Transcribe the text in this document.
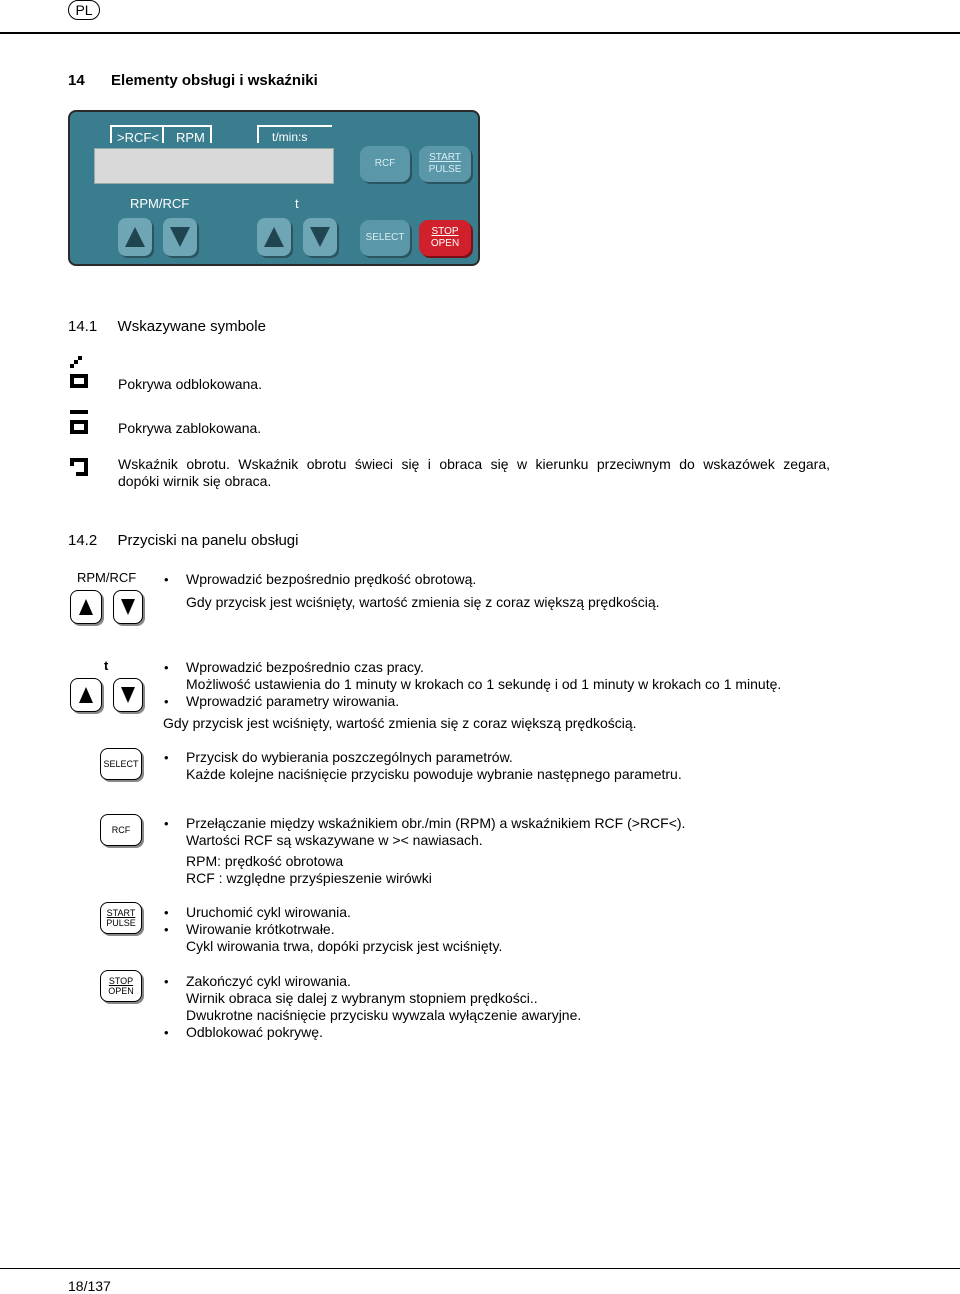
PL
14 Elementy obsługi i wskaźniki
>RCF< RPM	t/min:s
RPM/RCF	t
RCF
START
PULSE
SELECT
STOP
OPEN
14.1 Wskazywane symbole
Pokrywa odblokowana.
Pokrywa zablokowana.
Wskaźnik obrotu. Wskaźnik obrotu świeci się i obraca się w kierunku przeciwnym do wskazówek zegara,
dopóki wirnik się obraca.
14.2 Przyciski na panelu obsługi
RPM/RCF • Wprowadzić bezpośrednio prędkość obrotową.
Gdy przycisk jest wciśnięty, wartość zmienia się z coraz większą prędkością.
t	• Wprowadzić bezpośrednio czas pracy.
Możliwość ustawienia do 1 minuty w krokach co 1 sekundę i od 1 minuty w krokach co 1 minutę.
• Wprowadzić parametry wirowania.
Gdy przycisk jest wciśnięty, wartość zmienia się z coraz większą prędkością.
SELECT • Przycisk do wybierania poszczególnych parametrów.
Każde kolejne naciśnięcie przycisku powoduje wybranie następnego parametru.
RCF	• Przełączanie między wskaźnikiem obr./min (RPM) a wskaźnikiem RCF (>RCF<).
Wartości RCF są wskazywane w >< nawiasach.
RPM: prędkość obrotowa
RCF : względne przyśpieszenie wirówki
START
PULSE
• Uruchomić cykl wirowania.
• Wirowanie krótkotrwałe.
Cykl wirowania trwa, dopóki przycisk jest wciśnięty.
STOP
OPEN
• Zakończyć cykl wirowania.
Wirnik obraca się dalej z wybranym stopniem prędkości..
Dwukrotne naciśnięcie przycisku wywzala wyłączenie awaryjne.
• Odblokować pokrywę.
18/137
